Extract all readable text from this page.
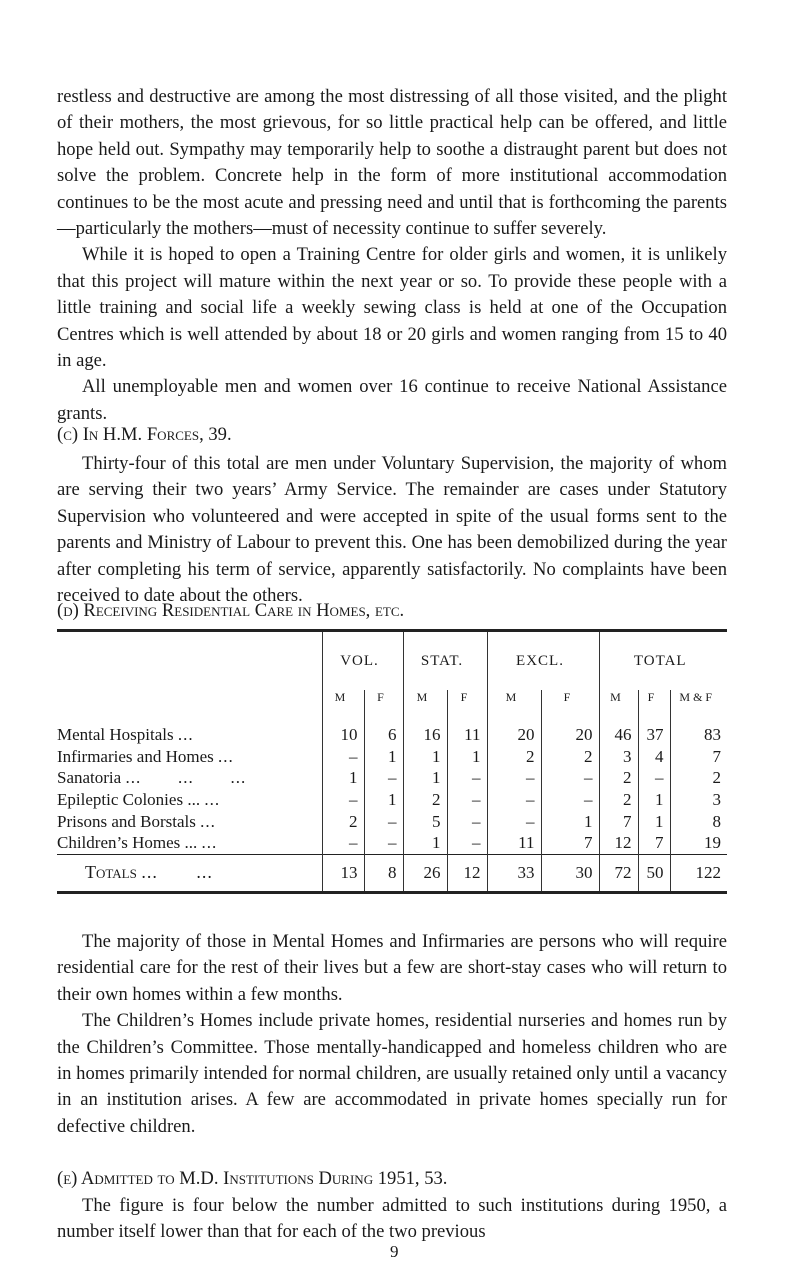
restless and destructive are among the most distressing of all those visited, and the plight of their mothers, the most grievous, for so little practical help can be offered, and little hope held out. Sympathy may temporarily help to soothe a distraught parent but does not solve the problem. Concrete help in the form of more institutional accommodation continues to be the most acute and pressing need and until that is forthcoming the parents —particularly the mothers—must of necessity continue to suffer severely.

While it is hoped to open a Training Centre for older girls and women, it is unlikely that this project will mature within the next year or so. To provide these people with a little training and social life a weekly sewing class is held at one of the Occupation Centres which is well attended by about 18 or 20 girls and women ranging from 15 to 40 in age.

All unemployable men and women over 16 continue to receive National Assistance grants.

(c) In H.M. Forces, 39.

Thirty-four of this total are men under Voluntary Supervision, the majority of whom are serving their two years’ Army Service. The remainder are cases under Statutory Supervision who volunteered and were accepted in spite of the usual forms sent to the parents and Ministry of Labour to prevent this. One has been demobilized during the year after completing his term of service, apparently satisfactorily. No complaints have been received to date about the others.

(d) Receiving Residential Care in Homes, etc.
	VOL.		STAT.		EXCL.		TOTAL		
	M	F	M	F	M	F	M	F	M & F
Mental Hospitals ...	10	6	16	11	20	20	46	37	83
Infirmaries and Homes ...	–	1	1	1	2	2	3	4	7
Sanatoria ...       ...       ...	1	–	1	–	–	–	2	–	2
Epileptic Colonies ... ...	–	1	2	–	–	–	2	1	3
Prisons and Borstals ...	2	–	5	–	–	1	7	1	8
Children’s Homes ... ...	–	–	1	–	11	7	12	7	19
Totals ...       ...	13	8	26	12	33	30	72	50	122

The majority of those in Mental Homes and Infirmaries are persons who will require residential care for the rest of their lives but a few are short-stay cases who will return to their own homes within a few months.

The Children’s Homes include private homes, residential nurseries and homes run by the Children’s Committee. Those mentally-handicapped and homeless children who are in homes primarily intended for normal children, are usually retained only until a vacancy in an institution arises. A few are accommodated in private homes specially run for defective children.

(e) Admitted to M.D. Institutions During 1951, 53.

The figure is four below the number admitted to such institutions during 1950, a number itself lower than that for each of the two previous

9
